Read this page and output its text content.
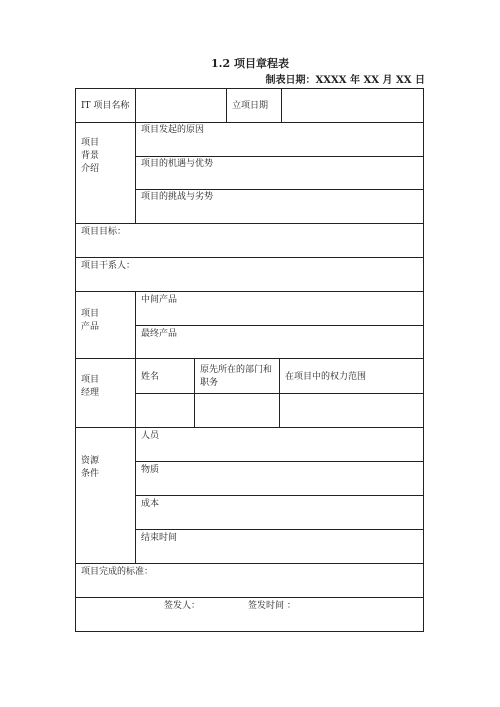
1.2 项目章程表
制表日期：XXXX 年 XX 月 XX 日
IT 项目名称	立项日期
项目
背景
介绍
项目发起的原因
项目的机遇与优势
项目的挑战与劣势
项目目标：
项目干系人：
项目
产品
中间产品
最终产品
项目
经理
姓名
原先所在的部门和
职务
在项目中的权力范围
资源
条件
人员
物质
成本
结束时间
项目完成的标准：
签发人：	签发时间 ：
